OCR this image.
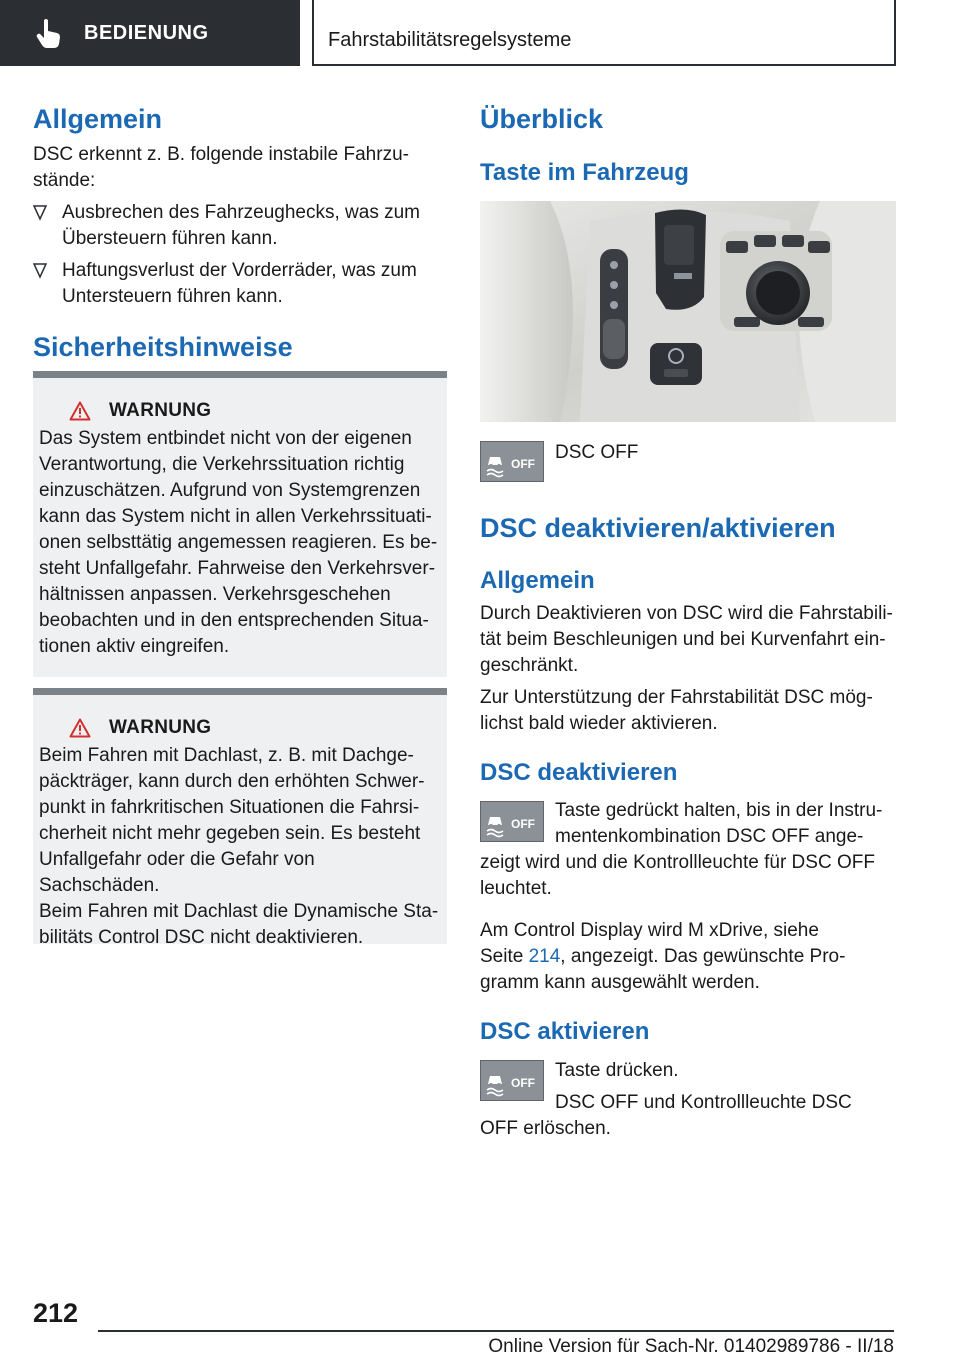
BEDIENUNG	Fahrstabilitätsregelsysteme
Allgemein

DSC erkennt z. B. folgende instabile Fahrzu-

stände:

Ausbrechen des Fahrzeughecks, was zum
Übersteuern führen kann.
Haftungsverlust der Vorderräder, was zum
Untersteuern führen kann.
Sicherheitshinweise
WARNUNG

Das System entbindet nicht von der eigenen

Verantwortung, die Verkehrssituation richtig

einzuschätzen. Aufgrund von Systemgrenzen

kann das System nicht in allen Verkehrssituati-

onen selbsttätig angemessen reagieren. Es be-

steht Unfallgefahr. Fahrweise den Verkehrsver-

hältnissen anpassen. Verkehrsgeschehen

beobachten und in den entsprechenden Situa-

tionen aktiv eingreifen.

WARNUNG

Beim Fahren mit Dachlast, z. B. mit Dachge-

päckträger, kann durch den erhöhten Schwer-

punkt in fahrkritischen Situationen die Fahrsi-

cherheit nicht mehr gegeben sein. Es besteht

Unfallgefahr oder die Gefahr von Sachschäden.

Beim Fahren mit Dachlast die Dynamische Sta-

bilitäts Control DSC nicht deaktivieren.

Überblick
Taste im Fahrzeug
OFF

DSC OFF

DSC deaktivieren/aktivieren
Allgemein

Durch Deaktivieren von DSC wird die Fahrstabili-

tät beim Beschleunigen und bei Kurvenfahrt ein-

geschränkt.

Zur Unterstützung der Fahrstabilität DSC mög-

lichst bald wieder aktivieren.

DSC deaktivieren
OFF

Taste gedrückt halten, bis in der Instru-

mentenkombination DSC OFF ange-

zeigt wird und die Kontrollleuchte für DSC OFF

leuchtet.

Am Control Display wird M xDrive, siehe

Seite 214, angezeigt. Das gewünschte Pro-

gramm kann ausgewählt werden.

DSC aktivieren
OFF

Taste drücken.

DSC OFF und Kontrollleuchte DSC

OFF erlöschen.

212
Online Version für Sach-Nr. 01402989786 - II/18
